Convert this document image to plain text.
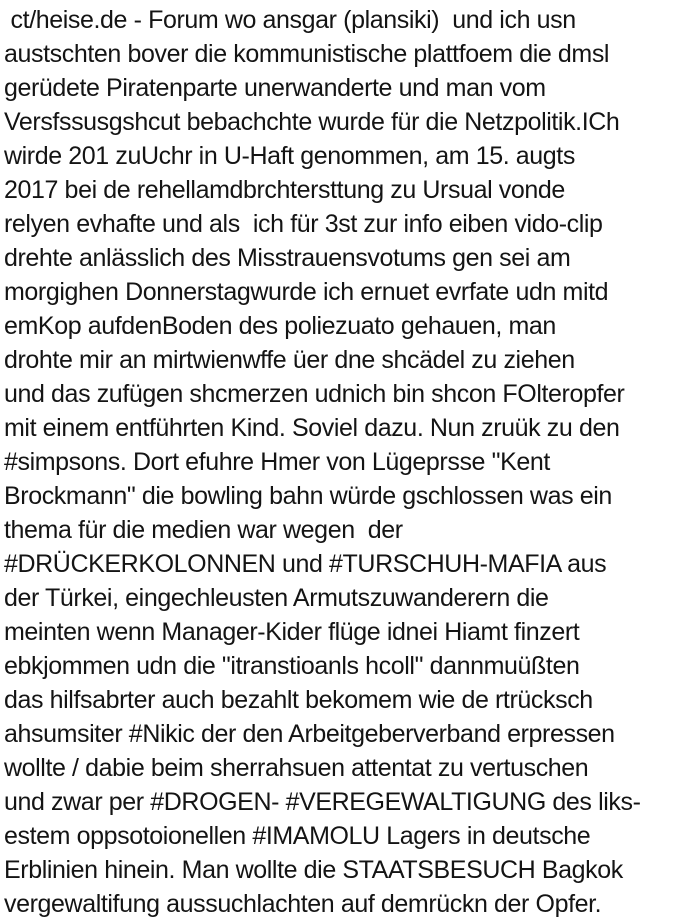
ct/heise.de - Forum wo ansgar (plansiki)  und ich usn

austschten bover die kommunistische plattfoem die dmsl

gerüdete Piratenparte unerwanderte und man vom

Versfssusgshcut bebachchte wurde für die Netzpolitik.ICh

wirde 201 zuUchr in U-Haft genommen, am 15. augts

2017 bei de rehellamdbrchtersttung zu Ursual vonde

relyen evhafte und als  ich für 3st zur info eiben vido-clip

drehte anlässlich des Misstrauensvotums gen sei am

morgighen Donnerstagwurde ich ernuet evrfate udn mitd

emKop aufdenBoden des poliezuato gehauen, man

drohte mir an mirtwienwffe üer dne shcädel zu ziehen

und das zufügen shcmerzen udnich bin shcon FOlteropfer

mit einem entführten Kind. Soviel dazu. Nun zruük zu den

#simpsons. Dort efuhre Hmer von Lügeprsse "Kent

Brockmann" die bowling bahn würde gschlossen was ein

thema für die medien war wegen  der

#DRÜCKERKOLONNEN und #TURSCHUH-MAFIA aus

der Türkei, eingechleusten Armutszuwanderern die

meinten wenn Manager-Kider flüge idnei Hiamt finzert

ebkjommen udn die "itranstioanls hcoll" dannmuüßten

das hilfsabrter auch bezahlt bekomem wie de rtrücksch

ahsumsiter #Nikic der den Arbeitgeberverband erpressen

wollte / dabie beim sherrahsuen attentat zu vertuschen

und zwar per #DROGEN- #VEREGEWALTIGUNG des liks-

estem oppsotoionellen #IMAMOLU Lagers in deutsche

Erblinien hinein. Man wollte die STAATSBESUCH Bagkok

vergewaltifung aussuchlachten auf demrückn der Opfer.
